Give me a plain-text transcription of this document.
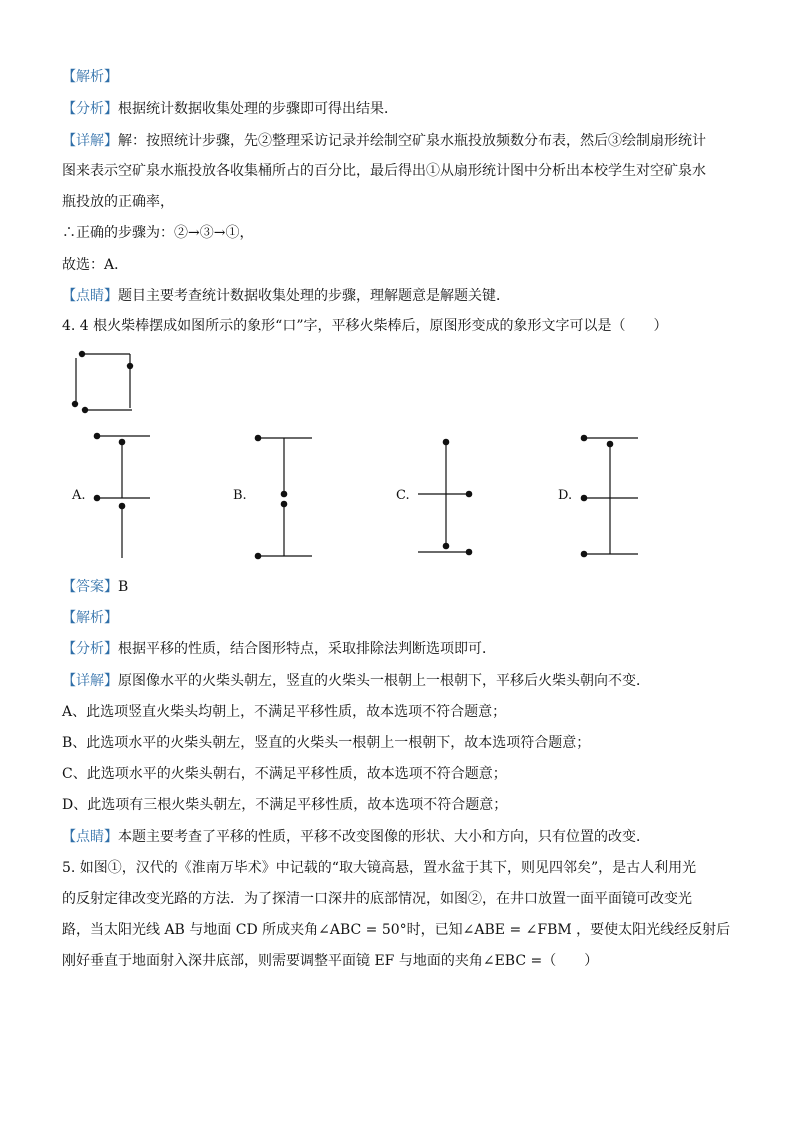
【解析】
【分析】根据统计数据收集处理的步骤即可得出结果．
【详解】解：按照统计步骤，先②整理采访记录并绘制空矿泉水瓶投放频数分布表，然后③绘制扇形统计
图来表示空矿泉水瓶投放各收集桶所占的百分比，最后得出①从扇形统计图中分析出本校学生对空矿泉水
瓶投放的正确率，
∴正确的步骤为：②→③→①，
故选：A．
【点睛】题目主要考查统计数据收集处理的步骤，理解题意是解题关键．
4. 4 根火柴棒摆成如图所示的象形“口”字，平移火柴棒后，原图形变成的象形文字可以是（　　）
A.	B.	C.	D.
【答案】B
【解析】
【分析】根据平移的性质，结合图形特点，采取排除法判断选项即可．
【详解】原图像水平的火柴头朝左，竖直的火柴头一根朝上一根朝下，平移后火柴头朝向不变．
A、此选项竖直火柴头均朝上，不满足平移性质，故本选项不符合题意；
B、此选项水平的火柴头朝左，竖直的火柴头一根朝上一根朝下，故本选项符合题意；
C、此选项水平的火柴头朝右，不满足平移性质，故本选项不符合题意；
D、此选项有三根火柴头朝左，不满足平移性质，故本选项不符合题意；
【点睛】本题主要考查了平移的性质，平移不改变图像的形状、大小和方向，只有位置的改变．
5. 如图①，汉代的《淮南万毕术》中记载的“取大镜高悬，置水盆于其下，则见四邻矣”，是古人利用光
的反射定律改变光路的方法．为了探清一口深井的底部情况，如图②，在井口放置一面平面镜可改变光
路，当太阳光线 AB 与地面 CD 所成夹角∠ABC = 50°时，已知∠ABE = ∠FBM ，要使太阳光线经反射后
刚好垂直于地面射入深井底部，则需要调整平面镜 EF 与地面的夹角∠EBC =（　　）
